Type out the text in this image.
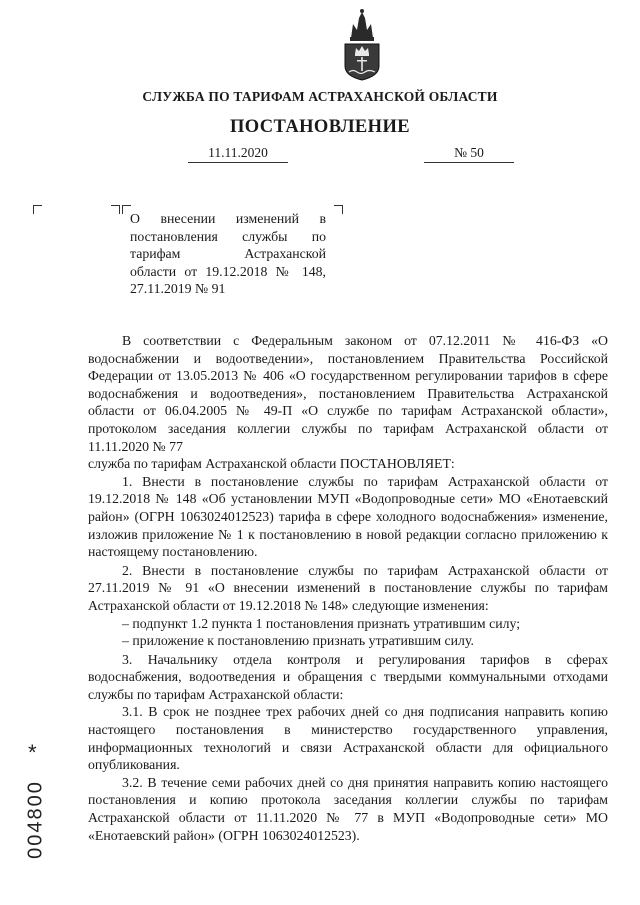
СЛУЖБА ПО ТАРИФАМ АСТРАХАНСКОЙ ОБЛАСТИ
ПОСТАНОВЛЕНИЕ
11.11.2020	№ 50
О внесении изменений в
постановления службы по
тарифам Астраханской
области от 19.12.2018 № 148,
27.11.2019 № 91

В соответствии с Федеральным законом от 07.12.2011 № 416-ФЗ «О водоснабжении и водоотведении», постановлением Правительства Российской Федерации от 13.05.2013 № 406 «О государственном регулировании тарифов в сфере водоснабжения и водоотведения», постановлением Правительства Астраханской области от 06.04.2005 № 49-П «О службе по тарифам Астраханской области», протоколом заседания коллегии службы по тарифам Астраханской области от 11.11.2020 № 77

служба по тарифам Астраханской области ПОСТАНОВЛЯЕТ:

1. Внести в постановление службы по тарифам Астраханской области от 19.12.2018 № 148 «Об установлении МУП «Водопроводные сети» МО «Енотаевский район» (ОГРН 1063024012523) тарифа в сфере холодного водоснабжения» изменение, изложив приложение № 1 к постановлению в новой редакции согласно приложению к настоящему постановлению.

2. Внести в постановление службы по тарифам Астраханской области от 27.11.2019 № 91 «О внесении изменений в постановление службы по тарифам Астраханской области от 19.12.2018 № 148» следующие изменения:

– подпункт 1.2 пункта 1 постановления признать утратившим силу;

– приложение к постановлению признать утратившим силу.

3. Начальнику отдела контроля и регулирования тарифов в сферах водоснабжения, водоотведения и обращения с твердыми коммунальными отходами службы по тарифам Астраханской области:

3.1. В срок не позднее трех рабочих дней со дня подписания направить копию настоящего постановления в министерство государственного управления, информационных технологий и связи Астраханской области для официального опубликования.

3.2. В течение семи рабочих дней со дня принятия направить копию настоящего постановления и копию протокола заседания коллегии службы по тарифам Астраханской области от 11.11.2020 № 77 в МУП «Водопроводные сети» МО «Енотаевский район» (ОГРН 1063024012523).

*
004800
